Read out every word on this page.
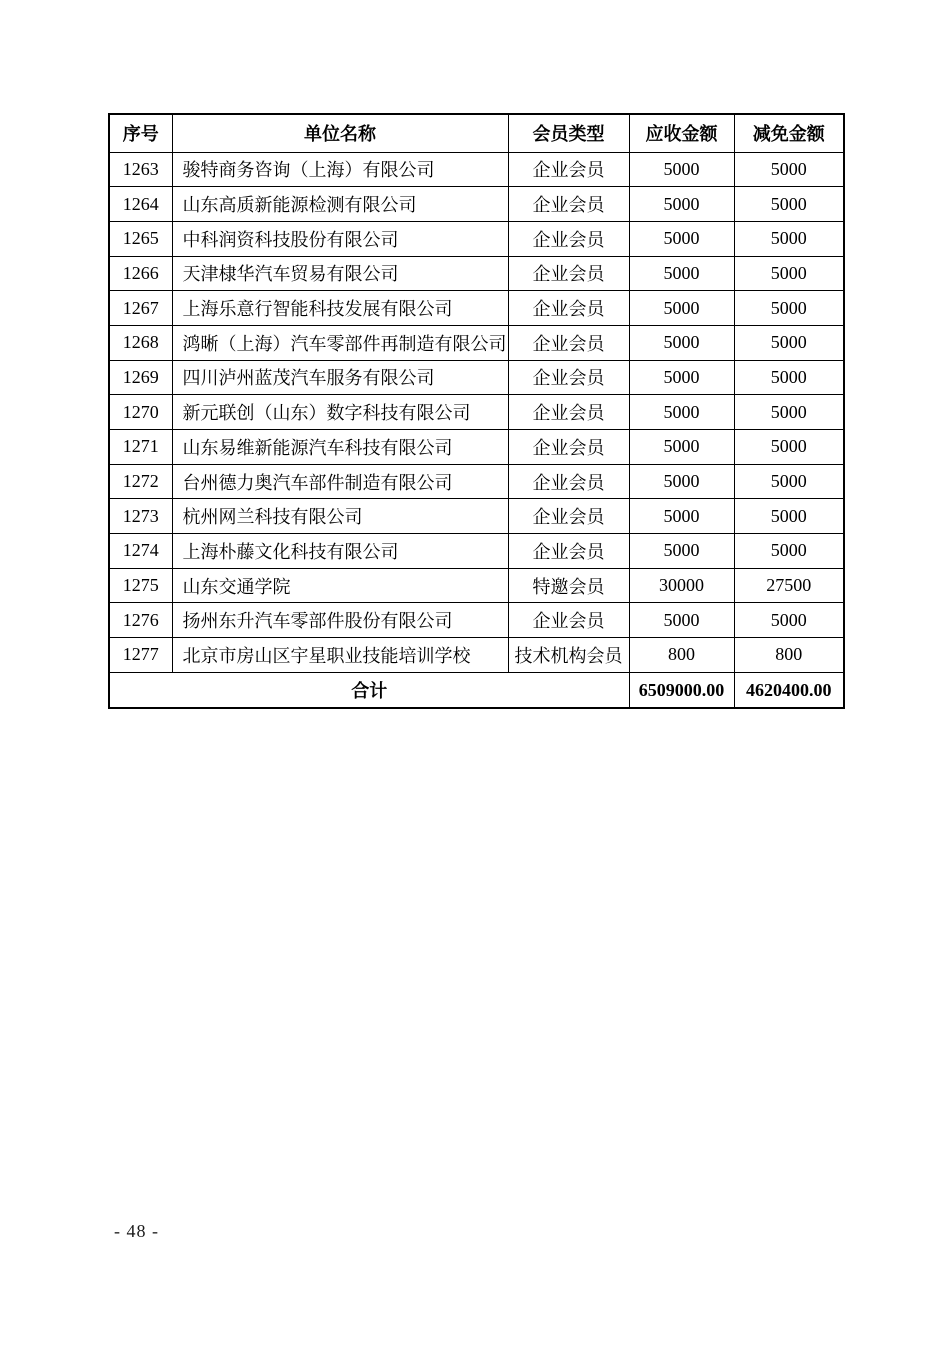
序号	单位名称	会员类型	应收金额	减免金额
1263	骏特商务咨询（上海）有限公司	企业会员	5000	5000
1264	山东高质新能源检测有限公司	企业会员	5000	5000
1265	中科润资科技股份有限公司	企业会员	5000	5000
1266	天津棣华汽车贸易有限公司	企业会员	5000	5000
1267	上海乐意行智能科技发展有限公司	企业会员	5000	5000
1268	鸿晰（上海）汽车零部件再制造有限公司	企业会员	5000	5000
1269	四川泸州蓝茂汽车服务有限公司	企业会员	5000	5000
1270	新元联创（山东）数字科技有限公司	企业会员	5000	5000
1271	山东易维新能源汽车科技有限公司	企业会员	5000	5000
1272	台州德力奥汽车部件制造有限公司	企业会员	5000	5000
1273	杭州网兰科技有限公司	企业会员	5000	5000
1274	上海朴藤文化科技有限公司	企业会员	5000	5000
1275	山东交通学院	特邀会员	30000	27500
1276	扬州东升汽车零部件股份有限公司	企业会员	5000	5000
1277	北京市房山区宇星职业技能培训学校	技术机构会员	800	800
合计			6509000.00	4620400.00
- 48 -
